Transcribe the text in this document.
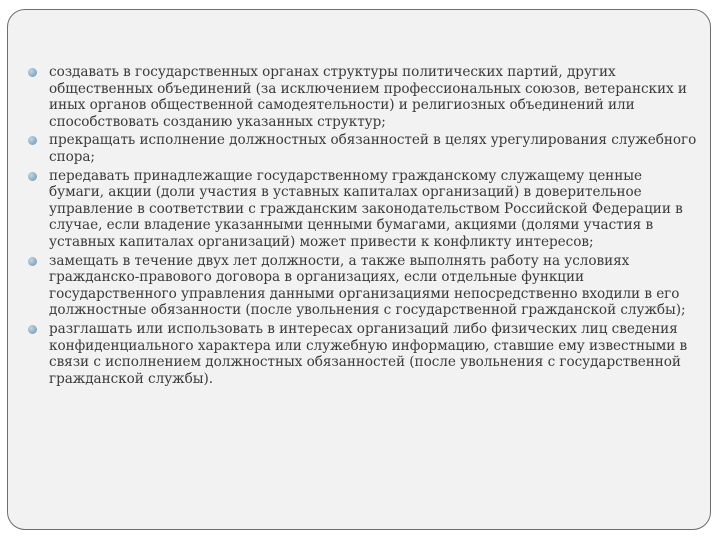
создавать в государственных органах структуры политических партий, других общественных объединений (за исключением профессиональных союзов, ветеранских и иных органов общественной самодеятельности) и религиозных объединений или способствовать созданию указанных структур;
прекращать исполнение должностных обязанностей в целях урегулирования служебного спора;
передавать принадлежащие государственному гражданскому служащему ценные бумаги, акции (доли участия в уставных капиталах организаций) в доверительное управление в соответствии с гражданским законодательством Российской Федерации в случае, если владение указанными ценными бумагами, акциями (долями участия в уставных капиталах организаций) может привести к конфликту интересов;
замещать в течение двух лет должности, а также выполнять работу на условиях гражданско-правового договора в организациях, если отдельные функции государственного управления данными организациями непосредственно входили в его должностные обязанности (после увольнения с государственной гражданской службы);
разглашать или использовать в интересах организаций либо физических лиц сведения конфиденциального характера или служебную информацию, ставшие ему известными в связи с исполнением должностных обязанностей (после увольнения с государственной гражданской службы).
